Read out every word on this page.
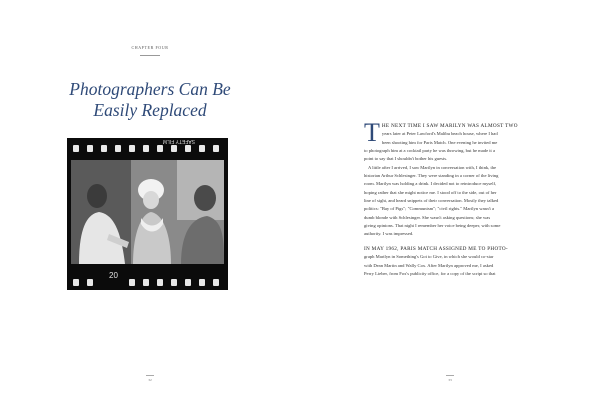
CHAPTER FOUR
Photographers Can Be
Easily Replaced
SAFETY FILM
20
32
T HE NEXT TIME I SAW MARILYN WAS ALMOST TWO
years later at Peter Lawford's Malibu beach house, where I had
been shooting him for Paris Match. One evening he invited me
to photograph him at a cocktail party he was throwing, but he made it a
point to say that I shouldn't bother his guests.
A little after I arrived, I saw Marilyn in conversation with, I think, the
historian Arthur Schlesinger. They were standing in a corner of the living
room. Marilyn was holding a drink. I decided not to reintroduce myself,
hoping rather that she might notice me. I stood off to the side, out of her
line of sight, and heard snippets of their conversation. Mostly they talked
politics: "Bay of Pigs"; "Communism"; "civil rights." Marilyn wasn't a
dumb blonde with Schlesinger. She wasn't asking questions; she was
giving opinions. That night I remember her voice being deeper, with some
authority. I was impressed.
IN MAY 1962, PARIS MATCH ASSIGNED ME TO PHOTO-
graph Marilyn in Something's Got to Give, in which she would co-star
with Dean Martin and Wally Cox. After Marilyn approved me, I asked
Perry Lieber, from Fox's publicity office, for a copy of the script so that
33
